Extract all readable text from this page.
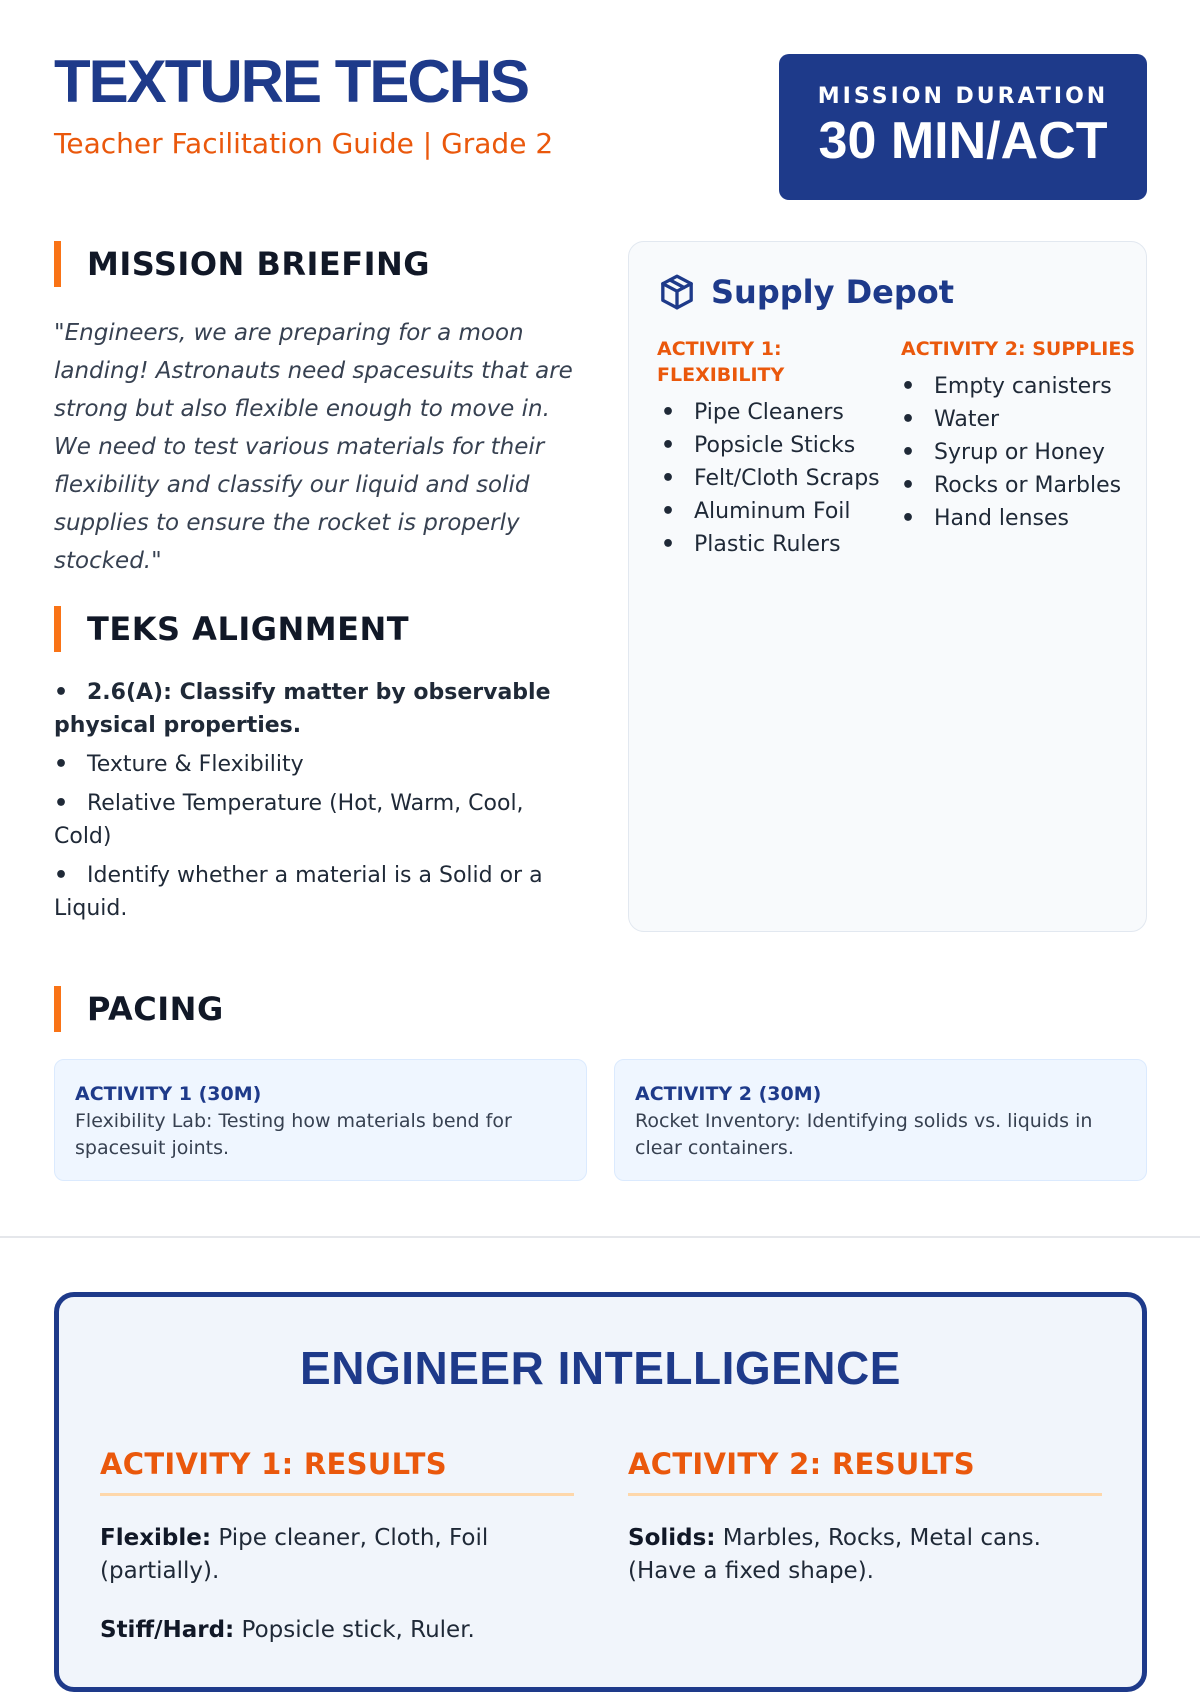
TEXTURE TECHS
Teacher Facilitation Guide | Grade 2
MISSION DURATION
30 MIN/ACT
MISSION BRIEFING

"Engineers, we are preparing for a moon landing! Astronauts need spacesuits that are strong but also flexible enough to move in. We need to test various materials for their flexibility and classify our liquid and solid supplies to ensure the rocket is properly stocked."

TEKS ALIGNMENT
• 2.6(A): Classify matter by observable physical properties.
• Texture & Flexibility
• Relative Temperature (Hot, Warm, Cool, Cold)
• Identify whether a material is a Solid or a Liquid.
Supply Depot
ACTIVITY 1: FLEXIBILITY
• Pipe Cleaners
• Popsicle Sticks
• Felt/Cloth Scraps
• Aluminum Foil
• Plastic Rulers
ACTIVITY 2: SUPPLIES
• Empty canisters
• Water
• Syrup or Honey
• Rocks or Marbles
• Hand lenses
PACING
ACTIVITY 1 (30M)
Flexibility Lab: Testing how materials bend for spacesuit joints.
ACTIVITY 2 (30M)
Rocket Inventory: Identifying solids vs. liquids in clear containers.
ENGINEER INTELLIGENCE
ACTIVITY 1: RESULTS

Flexible: Pipe cleaner, Cloth, Foil (partially).

Stiff/Hard: Popsicle stick, Ruler.

ACTIVITY 2: RESULTS

Solids: Marbles, Rocks, Metal cans. (Have a fixed shape).
